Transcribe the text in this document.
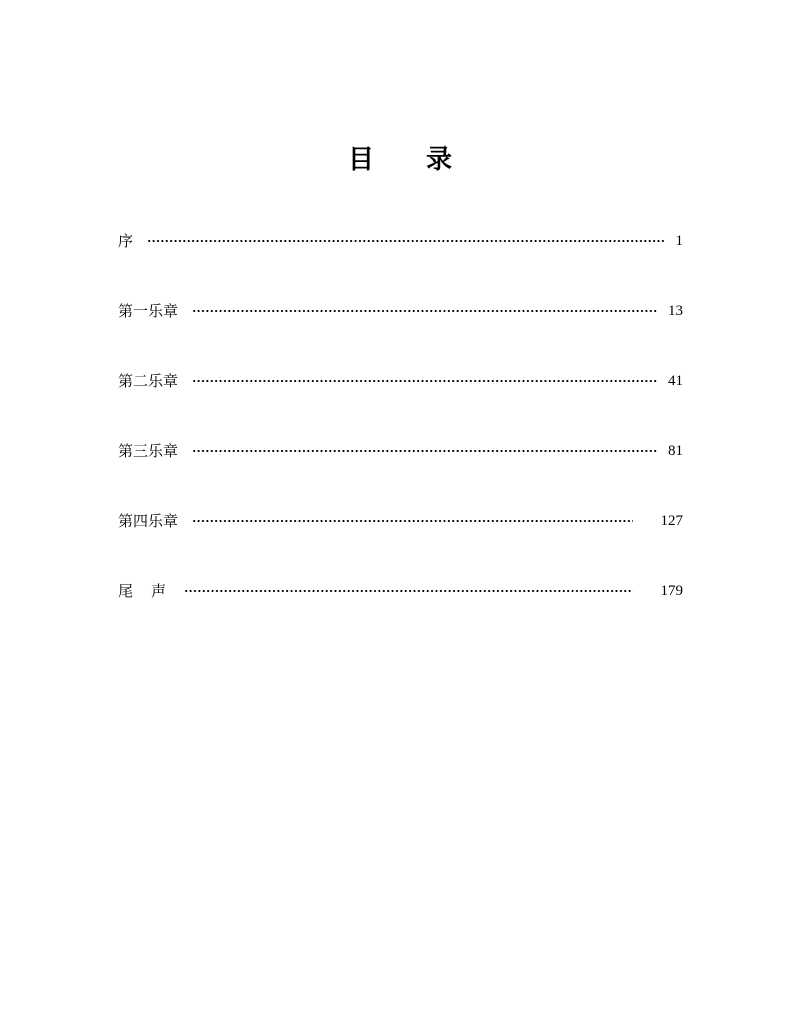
目录
序	1
第一乐章	13
第二乐章	41
第三乐章	81
第四乐章	127
尾声	179
